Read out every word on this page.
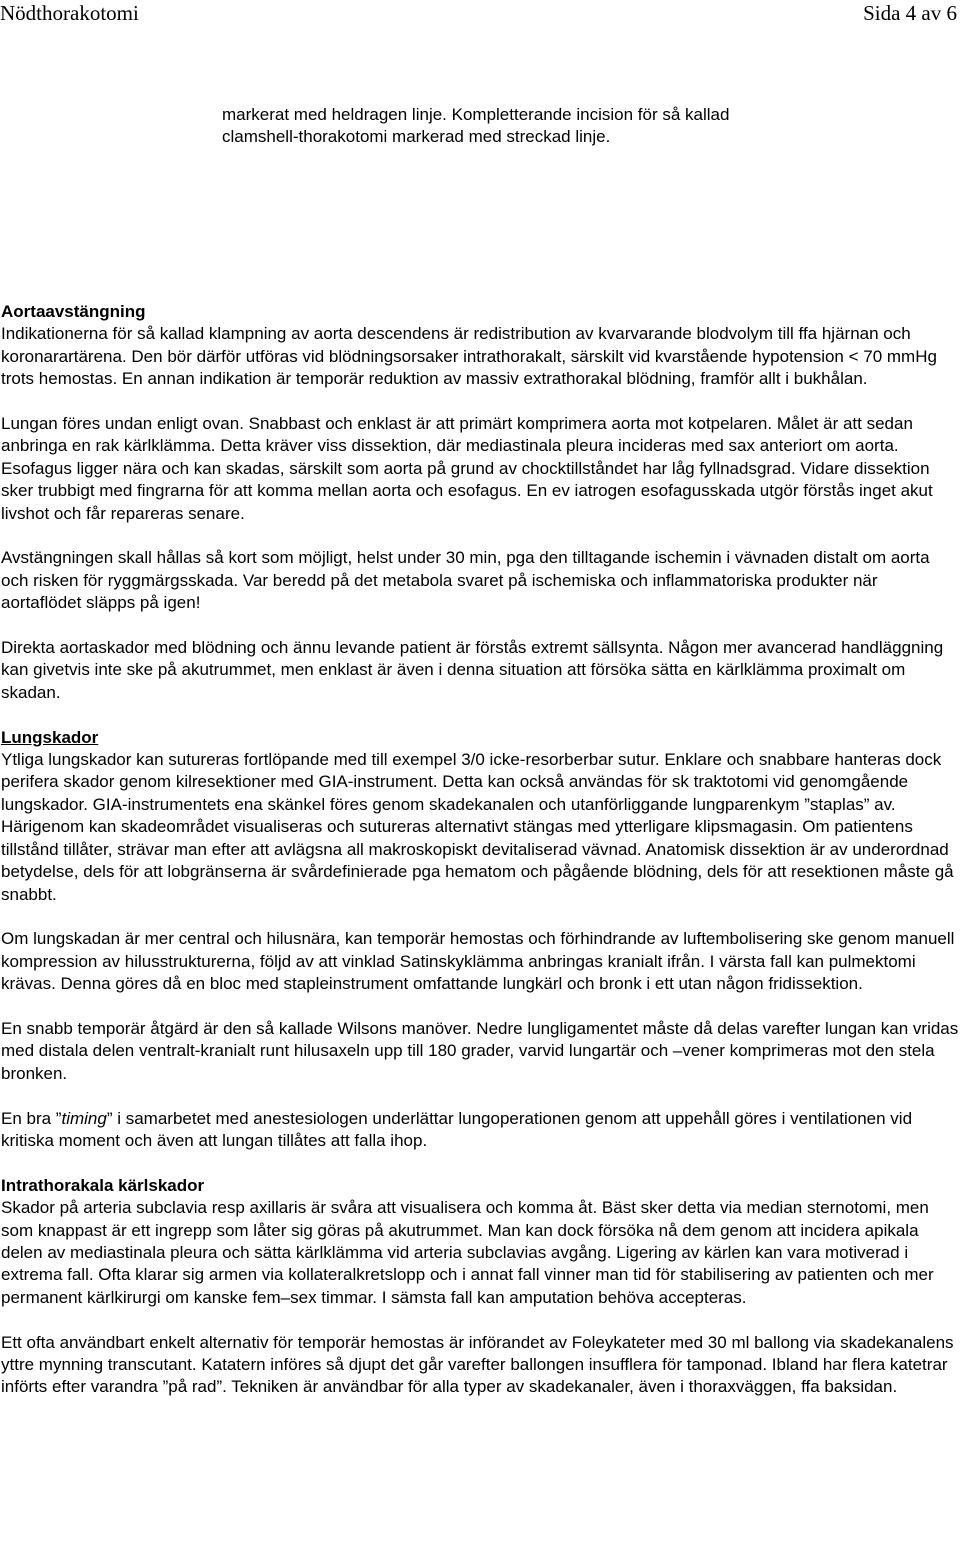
Nödthorakotomi	Sida 4 av 6
markerat med heldragen linje. Kompletterande incision för så kallad clamshell-thorakotomi markerad med streckad linje.

Aortaavstängning
Indikationerna för så kallad klampning av aorta descendens är redistribution av kvarvarande blodvolym till ffa hjärnan och koronarartärena. Den bör därför utföras vid blödningsorsaker intrathorakalt, särskilt vid kvarstående hypotension < 70 mmHg trots hemostas. En annan indikation är temporär reduktion av massiv extrathorakal blödning, framför allt i bukhålan.

Lungan föres undan enligt ovan. Snabbast och enklast är att primärt komprimera aorta mot kotpelaren. Målet är att sedan anbringa en rak kärlklämma. Detta kräver viss dissektion, där mediastinala pleura incideras med sax anteriort om aorta. Esofagus ligger nära och kan skadas, särskilt som aorta på grund av chocktillståndet har låg fyllnadsgrad. Vidare dissektion sker trubbigt med fingrarna för att komma mellan aorta och esofagus. En ev iatrogen esofagusskada utgör förstås inget akut livshot och får repareras senare.

Avstängningen skall hållas så kort som möjligt, helst under 30 min, pga den tilltagande ischemin i vävnaden distalt om aorta och risken för ryggmärgsskada. Var beredd på det metabola svaret på ischemiska och inflammatoriska produkter när aortaflödet släpps på igen!

Direkta aortaskador med blödning och ännu levande patient är förstås extremt sällsynta. Någon mer avancerad handläggning kan givetvis inte ske på akutrummet, men enklast är även i denna situation att försöka sätta en kärlklämma proximalt om skadan.

Lungskador
Ytliga lungskador kan sutureras fortlöpande med till exempel 3/0 icke-resorberbar sutur. Enklare och snabbare hanteras dock perifera skador genom kilresektioner med GIA-instrument. Detta kan också användas för sk traktotomi vid genomgående lungskador. GIA-instrumentets ena skänkel föres genom skadekanalen och utanförliggande lungparenkym ”staplas” av. Härigenom kan skadeområdet visualiseras och sutureras alternativt stängas med ytterligare klipsmagasin. Om patientens tillstånd tillåter, strävar man efter att avlägsna all makroskopiskt devitaliserad vävnad. Anatomisk dissektion är av underordnad betydelse, dels för att lobgränserna är svårdefinierade pga hematom och pågående blödning, dels för att resektionen måste gå snabbt.

Om lungskadan är mer central och hilusnära, kan temporär hemostas och förhindrande av luftembolisering ske genom manuell kompression av hilusstrukturerna, följd av att vinklad Satinskyklämma anbringas kranialt ifrån. I värsta fall kan pulmektomi krävas. Denna göres då en bloc med stapleinstrument omfattande lungkärl och bronk i ett utan någon fridissektion.

En snabb temporär åtgärd är den så kallade Wilsons manöver. Nedre lungligamentet måste då delas varefter lungan kan vridas med distala delen ventralt-kranialt runt hilusaxeln upp till 180 grader, varvid lungartär och –vener komprimeras mot den stela bronken.

En bra ”timing” i samarbetet med anestesiologen underlättar lungoperationen genom att uppehåll göres i ventilationen vid kritiska moment och även att lungan tillåtes att falla ihop.

Intrathorakala kärlskador
Skador på arteria subclavia resp axillaris är svåra att visualisera och komma åt. Bäst sker detta via median sternotomi, men som knappast är ett ingrepp som låter sig göras på akutrummet. Man kan dock försöka nå dem genom att incidera apikala delen av mediastinala pleura och sätta kärlklämma vid arteria subclavias avgång. Ligering av kärlen kan vara motiverad i extrema fall. Ofta klarar sig armen via kollateralkretslopp och i annat fall vinner man tid för stabilisering av patienten och mer permanent kärlkirurgi om kanske fem–sex timmar. I sämsta fall kan amputation behöva accepteras.

Ett ofta användbart enkelt alternativ för temporär hemostas är införandet av Foleykateter med 30 ml ballong via skadekanalens yttre mynning transcutant. Katatern införes så djupt det går varefter ballongen insufflera för tamponad. Ibland har flera katetrar införts efter varandra ”på rad”. Tekniken är användbar för alla typer av skadekanaler, även i thoraxväggen, ffa baksidan.
